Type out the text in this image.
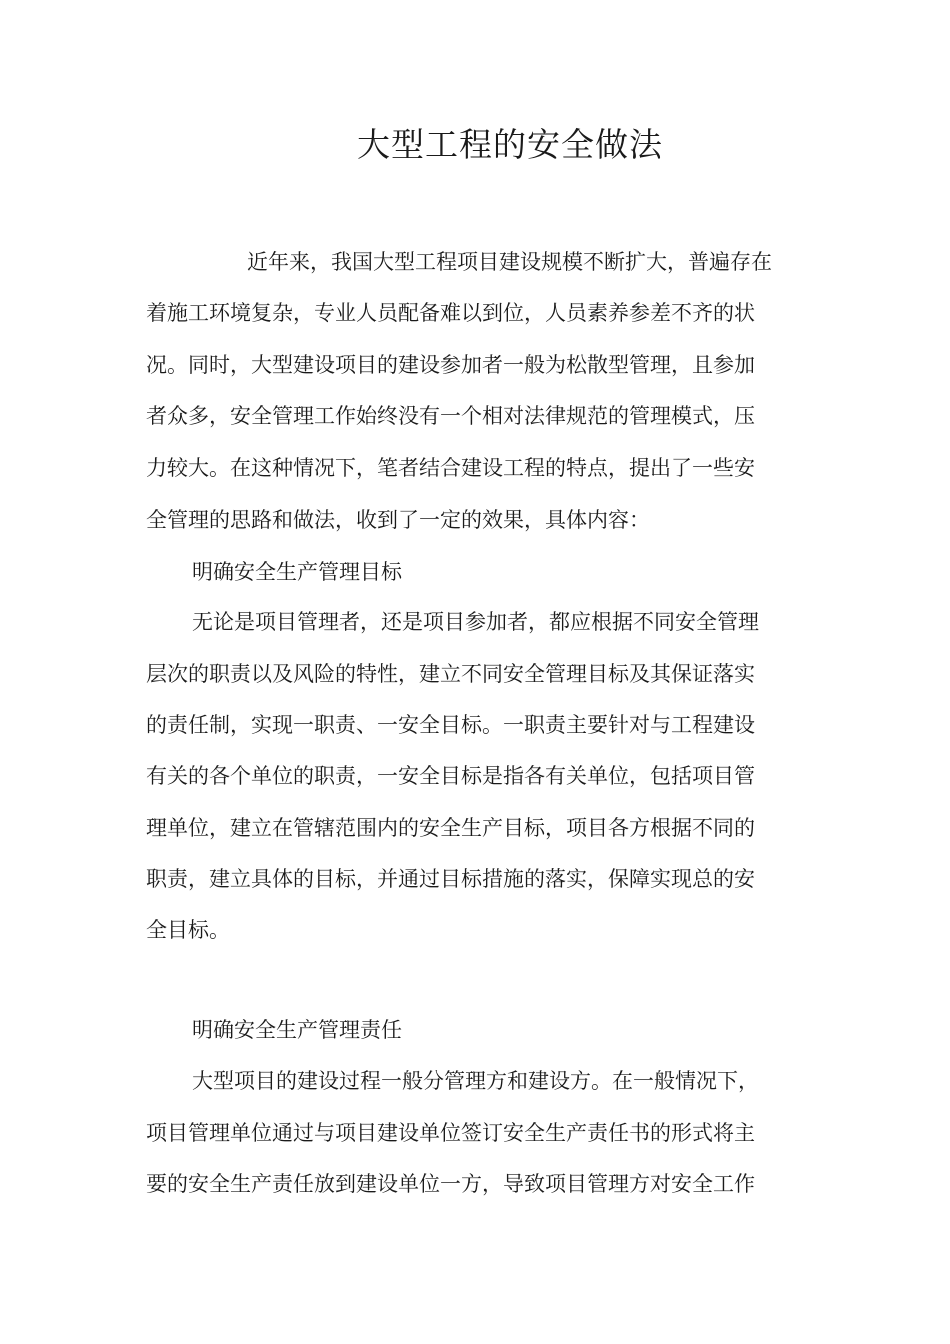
大型工程的安全做法

近年来，我国大型工程项目建设规模不断扩大，普遍存在

着施工环境复杂，专业人员配备难以到位，人员素养参差不齐的状

况。同时，大型建设项目的建设参加者一般为松散型管理，且参加

者众多，安全管理工作始终没有一个相对法律规范的管理模式，压

力较大。在这种情况下，笔者结合建设工程的特点，提出了一些安

全管理的思路和做法，收到了一定的效果，具体内容：

明确安全生产管理目标

无论是项目管理者，还是项目参加者，都应根据不同安全管理

层次的职责以及风险的特性，建立不同安全管理目标及其保证落实

的责任制，实现一职责、一安全目标。一职责主要针对与工程建设

有关的各个单位的职责，一安全目标是指各有关单位，包括项目管

理单位，建立在管辖范围内的安全生产目标，项目各方根据不同的

职责，建立具体的目标，并通过目标措施的落实，保障实现总的安

全目标。

明确安全生产管理责任

大型项目的建设过程一般分管理方和建设方。在一般情况下，

项目管理单位通过与项目建设单位签订安全生产责任书的形式将主

要的安全生产责任放到建设单位一方，导致项目管理方对安全工作
